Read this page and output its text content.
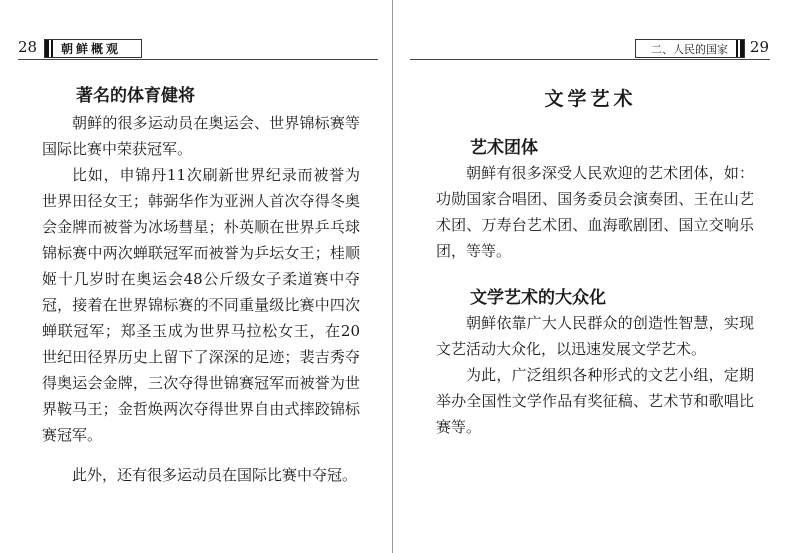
28 朝鲜概观
著名的体育健将
朝鲜的很多运动员在奥运会、世界锦标赛等国际比赛中荣获冠军。
比如，申锦丹11次刷新世界纪录而被誉为世界田径女王；韩弼华作为亚洲人首次夺得冬奥会金牌而被誉为冰场彗星；朴英顺在世界乒乓球锦标赛中两次蝉联冠军而被誉为乒坛女王；桂顺姬十几岁时在奥运会48公斤级女子柔道赛中夺冠，接着在世界锦标赛的不同重量级比赛中四次蝉联冠军；郑圣玉成为世界马拉松女王，在20世纪田径界历史上留下了深深的足迹；裴吉秀夺得奥运会金牌，三次夺得世锦赛冠军而被誉为世界鞍马王；金哲焕两次夺得世界自由式摔跤锦标赛冠军。
此外，还有很多运动员在国际比赛中夺冠。
二、人民的国家 29
文学艺术
艺术团体
朝鲜有很多深受人民欢迎的艺术团体，如：功勋国家合唱团、国务委员会演奏团、王在山艺术团、万寿台艺术团、血海歌剧团、国立交响乐团，等等。
文学艺术的大众化
朝鲜依靠广大人民群众的创造性智慧，实现文艺活动大众化，以迅速发展文学艺术。
为此，广泛组织各种形式的文艺小组，定期举办全国性文学作品有奖征稿、艺术节和歌唱比赛等。
